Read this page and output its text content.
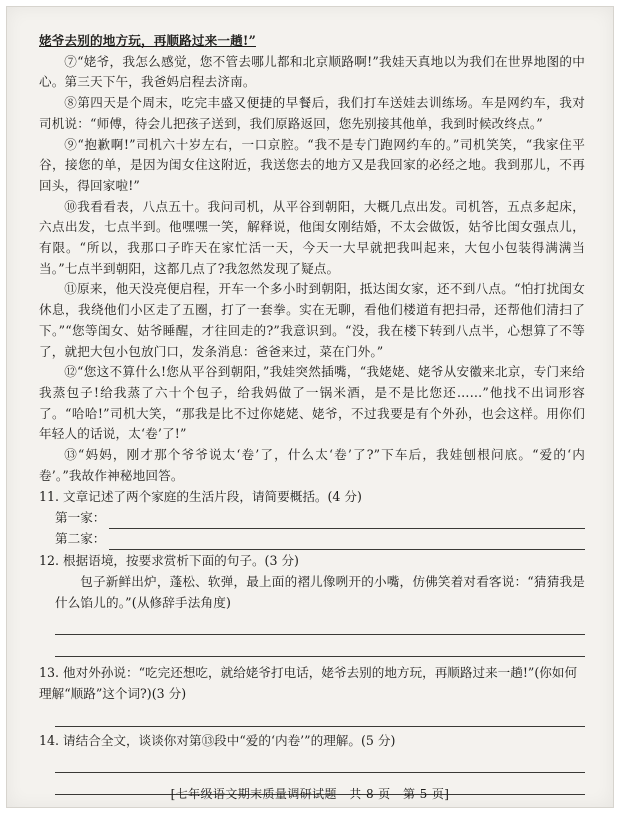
姥爷去别的地方玩，再顺路过来一趟!”

⑦“姥爷，我怎么感觉，您不管去哪儿都和北京顺路啊!”我娃天真地以为我们在世界地图的中心。第三天下午，我爸妈启程去济南。

⑧第四天是个周末，吃完丰盛又便捷的早餐后，我们打车送娃去训练场。车是网约车，我对司机说：“师傅，待会儿把孩子送到，我们原路返回，您先别接其他单，我到时候改终点。”

⑨“抱歉啊!”司机六十岁左右，一口京腔。“我不是专门跑网约车的。”司机笑笑，“我家住平谷，接您的单，是因为闺女住这附近，我送您去的地方又是我回家的必经之地。我到那儿，不再回头，得回家啦!”

⑩我看看表，八点五十。我问司机，从平谷到朝阳，大概几点出发。司机答，五点多起床，六点出发，七点半到。他嘿嘿一笑，解释说，他闺女刚结婚，不太会做饭，姑爷比闺女强点儿，有限。“所以，我那口子昨天在家忙活一天，今天一大早就把我叫起来，大包小包装得满满当当。”七点半到朝阳，这都几点了?我忽然发现了疑点。

⑪原来，他天没亮便启程，开车一个多小时到朝阳，抵达闺女家，还不到八点。“怕打扰闺女休息，我绕他们小区走了五圈，打了一套拳。实在无聊，看他们楼道有把扫帚，还帮他们清扫了下。”“您等闺女、姑爷睡醒，才往回走的?”我意识到。“没，我在楼下转到八点半，心想算了不等了，就把大包小包放门口，发条消息：爸爸来过，菜在门外。”

⑫“您这不算什么!您从平谷到朝阳，”我娃突然插嘴，“我姥姥、姥爷从安徽来北京，专门来给我蒸包子!给我蒸了六十个包子，给我妈做了一锅米酒，是不是比您还……”他找不出词形容了。“哈哈!”司机大笑，“那我是比不过你姥姥、姥爷，不过我要是有个外孙，也会这样。用你们年轻人的话说，太‘卷’了!”

⑬“妈妈，刚才那个爷爷说太‘卷’了，什么太‘卷’了?”下车后，我娃刨根问底。“爱的‘内卷’。”我故作神秘地回答。

11. 文章记述了两个家庭的生活片段，请简要概括。(4 分)

第一家：
第二家：

12. 根据语境，按要求赏析下面的句子。(3 分)

包子新鲜出炉，蓬松、软弹，最上面的褶儿像咧开的小嘴，仿佛笑着对看客说：“猜猜我是什么馅儿的。”(从修辞手法角度)

13. 他对外孙说：“吃完还想吃，就给姥爷打电话，姥爷去别的地方玩，再顺路过来一趟!”(你如何理解“顺路”这个词?)(3 分)

14. 请结合全文，谈谈你对第⑬段中“爱的‘内卷’”的理解。(5 分)

[七年级语文期末质量调研试题　共 8 页　第 5 页]
